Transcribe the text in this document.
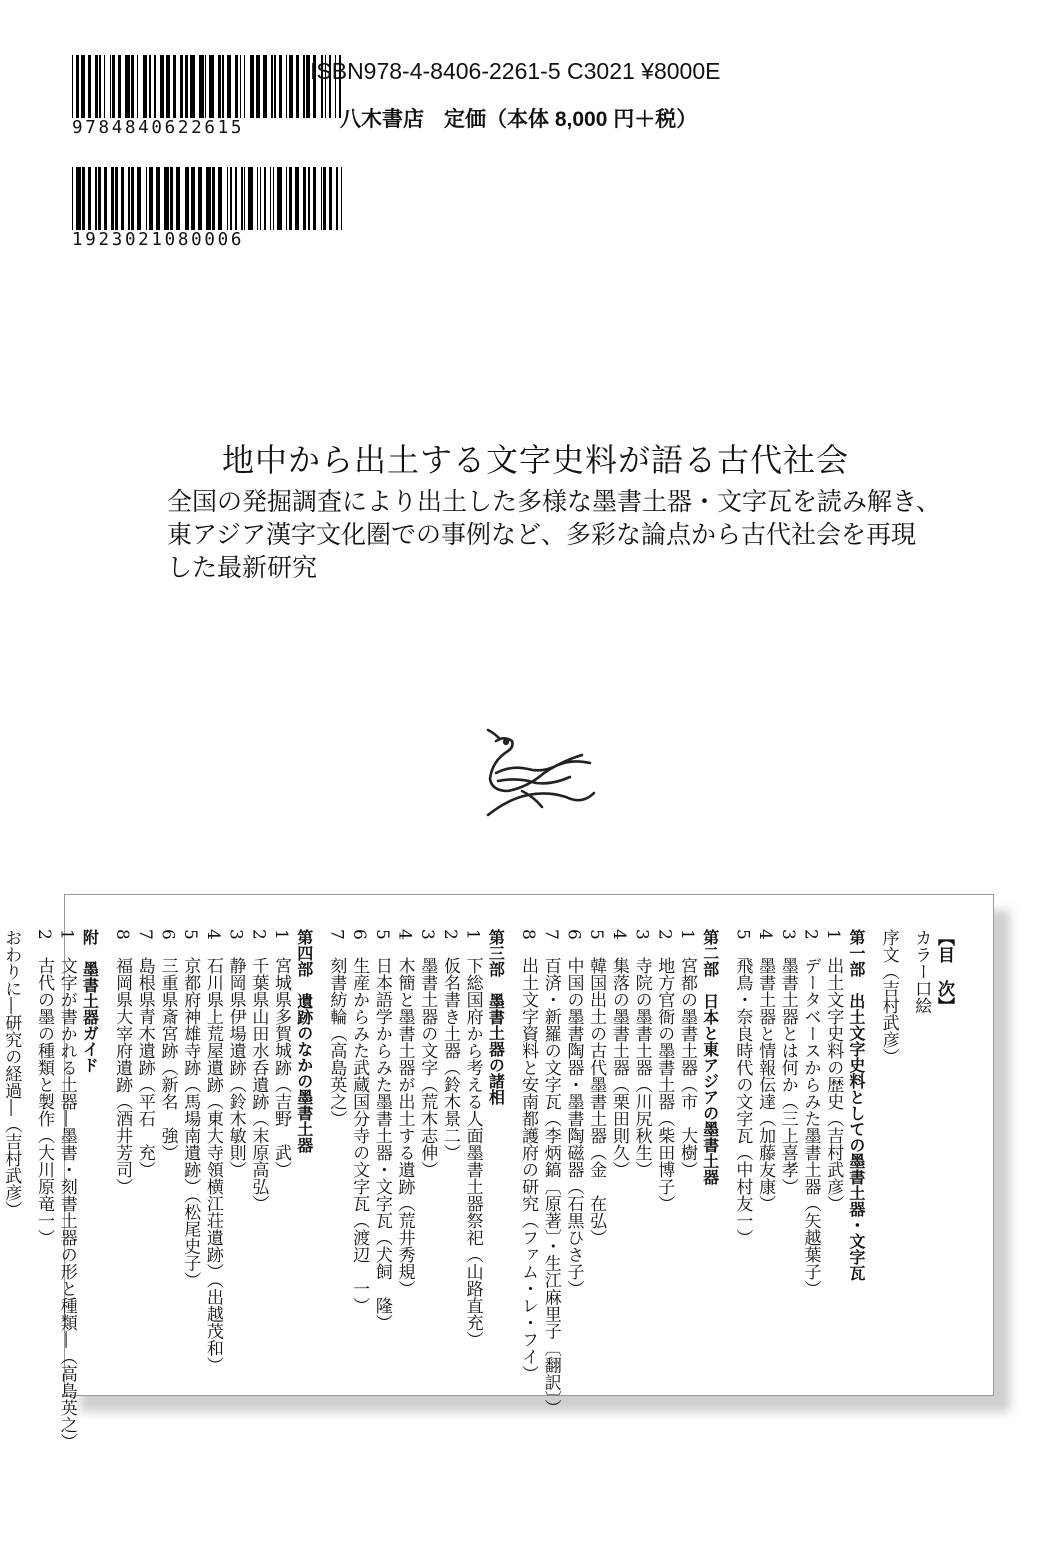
9784840622615
1923021080006
ISBN978-4-8406-2261-5 C3021 ¥8000E
八木書店 定価（本体 8,000 円＋税）
地中から出土する文字史料が語る古代社会
全国の発掘調査により出土した多様な墨書土器・文字瓦を読み解き、
東アジア漢字文化圏での事例など、多彩な論点から古代社会を再現
した最新研究
【目　次】
カラー口絵
序文（吉村武彦）
第一部　出土文字史料としての墨書土器・文字瓦
1　出土文字史料の歴史（吉村武彦）
2　データベースからみた墨書土器（矢越葉子）
3　墨書土器とは何か（三上喜孝）
4　墨書土器と情報伝達（加藤友康）
5　飛鳥・奈良時代の文字瓦（中村友一）
第二部　日本と東アジアの墨書土器
1　宮都の墨書土器（市　大樹）
2　地方官衙の墨書土器（柴田博子）
3　寺院の墨書土器（川尻秋生）
4　集落の墨書土器（栗田則久）
5　韓国出土の古代墨書土器（金　在弘）
6　中国の墨書陶器・墨書陶磁器（石黒ひさ子）
7　百済・新羅の文字瓦（李炳鎬〔原著〕・生江麻里子〔翻訳〕）
8　出土文字資料と安南都護府の研究（ファム・レ・フイ）
第三部　墨書土器の諸相
1　下総国府から考える人面墨書土器祭祀（山路直充）
2　仮名書き土器（鈴木景二）
3　墨書土器の文字（荒木志伸）
4　木簡と墨書土器が出土する遺跡（荒井秀規）
5　日本語学からみた墨書土器・文字瓦（犬飼　隆）
6　生産からみた武蔵国分寺の文字瓦（渡辺　一）
7　刻書紡輪（高島英之）
第四部　遺跡のなかの墨書土器
1　宮城県多賀城跡（吉野　武）
2　千葉県山田水呑遺跡（末原高弘）
3　静岡県伊場遺跡（鈴木敏則）
4　石川県上荒屋遺跡（東大寺領横江荘遺跡）（出越茂和）
5　京都府神雄寺跡（馬場南遺跡）（松尾史子）
6　三重県斎宮跡（新名　強）
7　島根県青木遺跡（平石　充）
8　福岡県大宰府遺跡（酒井芳司）
附　墨書土器ガイド
1　文字が書かれる土器―墨書・刻書土器の形と種類―（高島英之）
2　古代の墨の種類と製作（大川原竜一）
おわりに―研究の経過―（吉村武彦）
